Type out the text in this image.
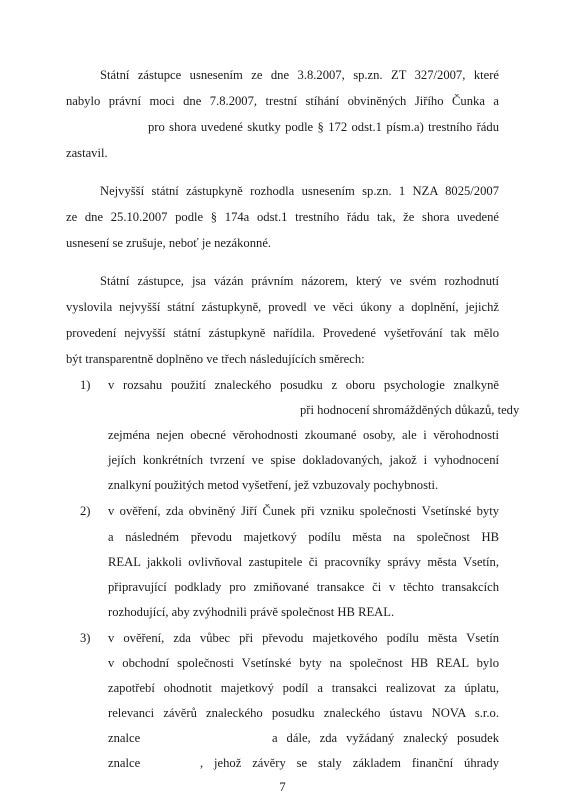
Státní zástupce usnesením ze dne 3.8.2007, sp.zn. ZT 327/2007, které
nabylo právní moci dne 7.8.2007, trestní stíhání obviněných Jiřího Čunka a
pro shora uvedené skutky podle § 172 odst.1 písm.a) trestního řádu
zastavil.
Nejvyšší státní zástupkyně rozhodla usnesením sp.zn. 1 NZA 8025/2007
ze dne 25.10.2007 podle § 174a odst.1 trestního řádu tak, že shora uvedené
usnesení se zrušuje, neboť je nezákonné.
Státní zástupce, jsa vázán právním názorem, který ve svém rozhodnutí
vyslovila nejvyšší státní zástupkyně, provedl ve věci úkony a doplnění, jejichž
provedení nejvyšší státní zástupkyně nařídila. Provedené vyšetřování tak mělo
být transparentně doplněno ve třech následujících směrech:
1) v rozsahu použití znaleckého posudku z oboru psychologie znalkyně
při hodnocení shromážděných důkazů, tedy
zejména nejen obecné věrohodnosti zkoumané osoby, ale i věrohodnosti
jejích konkrétních tvrzení ve spise dokladovaných, jakož i vyhodnocení
znalkyní použitých metod vyšetření, jež vzbuzovaly pochybnosti.
2) v ověření, zda obviněný Jiří Čunek při vzniku společnosti Vsetínské byty
a následném převodu majetkový podílu města na společnost HB
REAL jakkoli ovlivňoval zastupitele či pracovníky správy města Vsetín,
připravující podklady pro zmiňované transakce či v těchto transakcích
rozhodující, aby zvýhodnili právě společnost HB REAL.
3) v ověření, zda vůbec při převodu majetkového podílu města Vsetín
v obchodní společnosti Vsetínské byty na společnost HB REAL bylo
zapotřebí ohodnotit majetkový podíl a transakci realizovat za úplatu,
relevanci závěrů znaleckého posudku znaleckého ústavu NOVA s.r.o.
znalce	a dále, zda vyžádaný znalecký posudek
znalce	, jehož závěry se staly základem finanční úhrady
7
